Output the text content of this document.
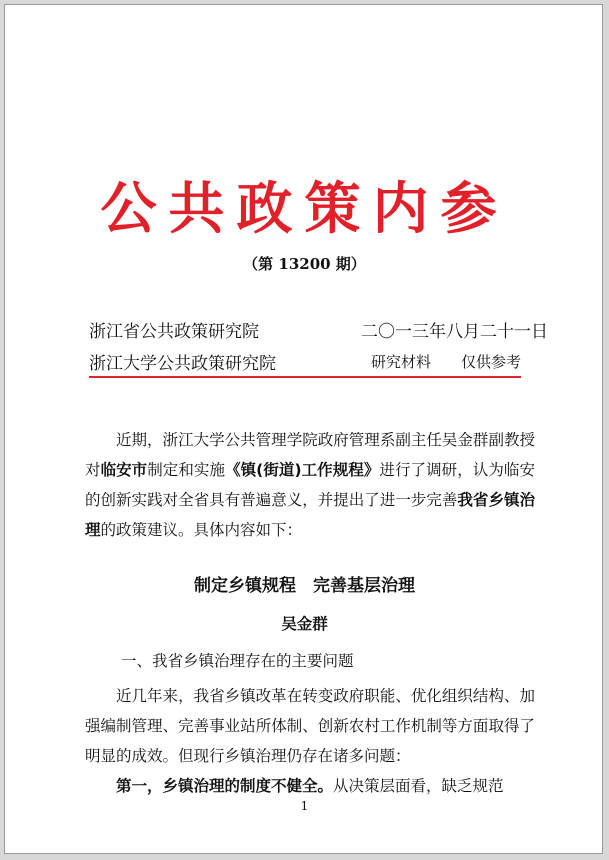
公共政策内参
（第 13200 期）
浙江省公共政策研究院	二〇一三年八月二十一日
浙江大学公共政策研究院	研究材料 仅供参考
近期，浙江大学公共管理学院政府管理系副主任吴金群副教授对临安市制定和实施《镇(街道)工作规程》进行了调研，认为临安的创新实践对全省具有普遍意义，并提出了进一步完善我省乡镇治理的政策建议。具体内容如下：
制定乡镇规程　完善基层治理
吴金群
一、我省乡镇治理存在的主要问题
近几年来，我省乡镇改革在转变政府职能、优化组织结构、加强编制管理、完善事业站所体制、创新农村工作机制等方面取得了明显的成效。但现行乡镇治理仍存在诸多问题：
第一，乡镇治理的制度不健全。从决策层面看，缺乏规范
1
